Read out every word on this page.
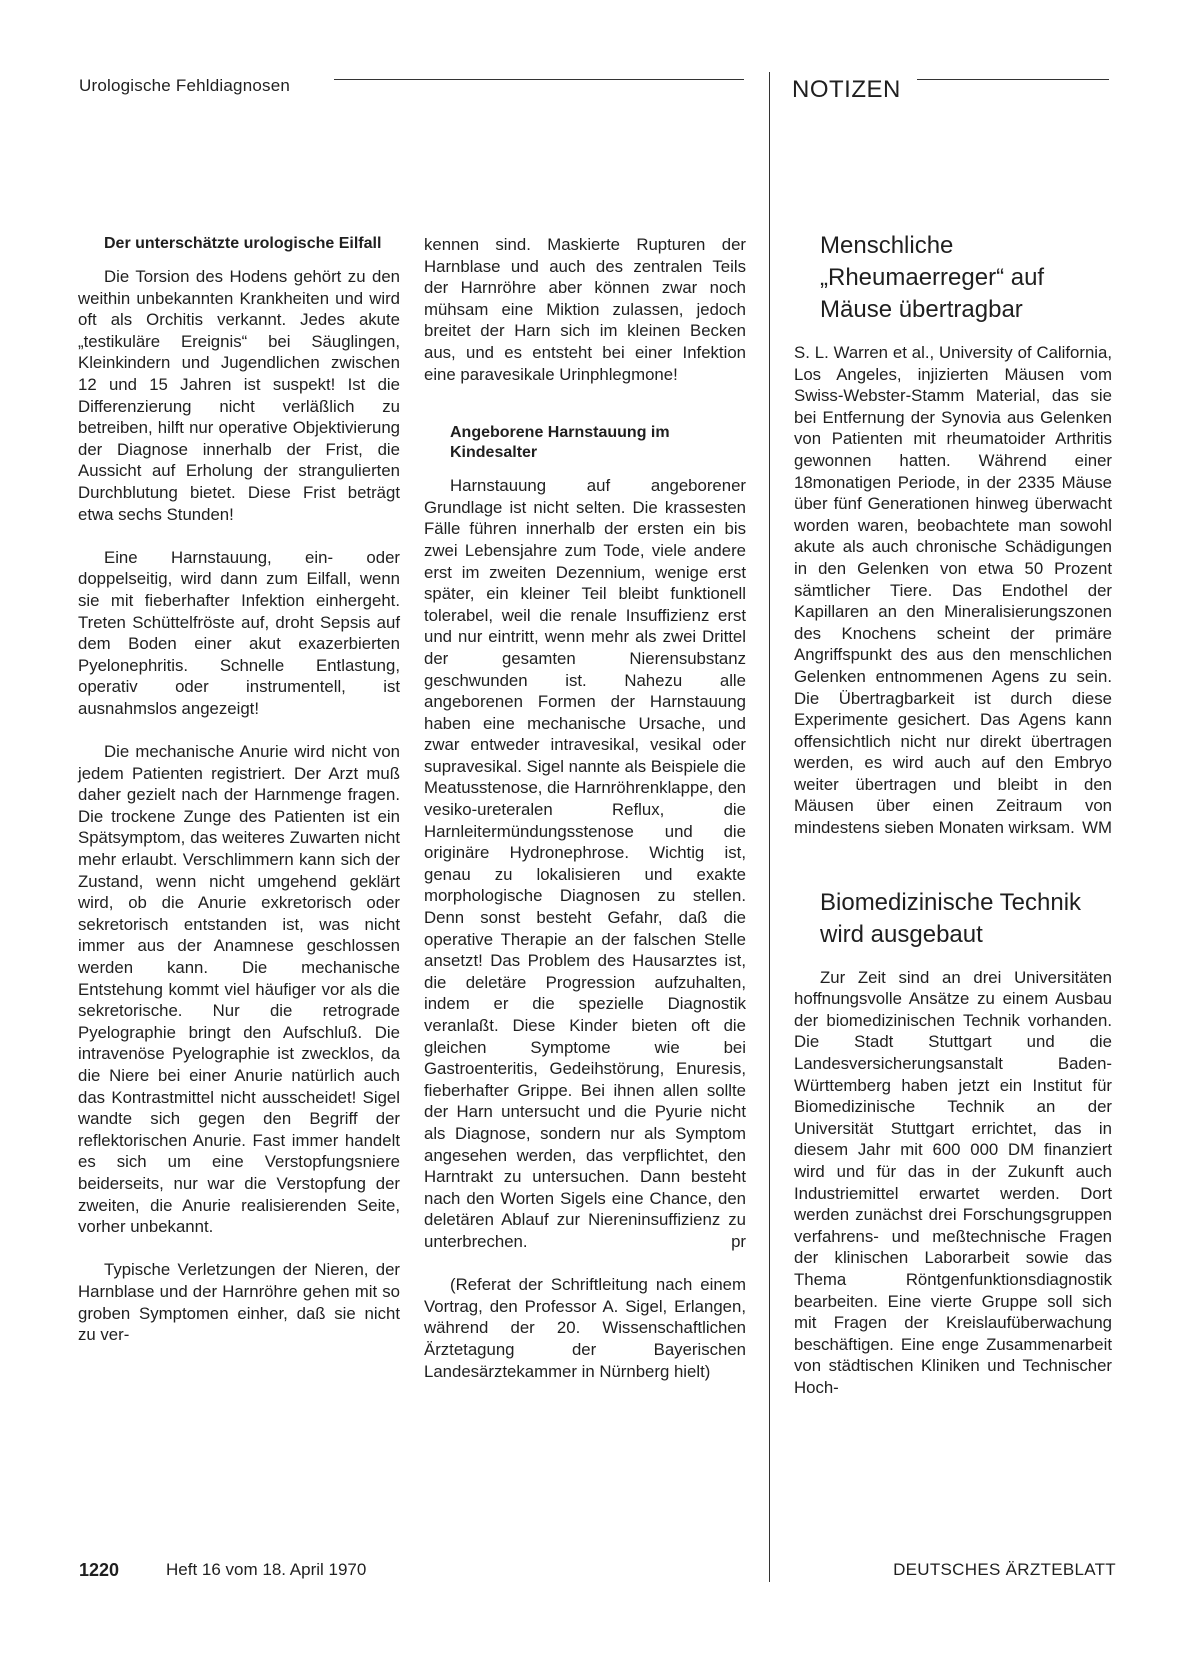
Urologische Fehldiagnosen	NOTIZEN
Der unterschätzte urologische Eilfall

Die Torsion des Hodens gehört zu den weithin unbekannten Krankheiten und wird oft als Orchitis verkannt. Jedes akute „testikuläre Ereignis“ bei Säuglingen, Kleinkindern und Jugendlichen zwischen 12 und 15 Jahren ist suspekt! Ist die Differenzierung nicht verläßlich zu betreiben, hilft nur operative Objektivierung der Diagnose innerhalb der Frist, die Aussicht auf Erholung der strangulierten Durchblutung bietet. Diese Frist beträgt etwa sechs Stunden!

Eine Harnstauung, ein- oder doppelseitig, wird dann zum Eilfall, wenn sie mit fieberhafter Infektion einhergeht. Treten Schüttelfröste auf, droht Sepsis auf dem Boden einer akut exazerbierten Pyelonephritis. Schnelle Entlastung, operativ oder instrumentell, ist ausnahmslos angezeigt!

Die mechanische Anurie wird nicht von jedem Patienten registriert. Der Arzt muß daher gezielt nach der Harnmenge fragen. Die trockene Zunge des Patienten ist ein Spätsymptom, das weiteres Zuwarten nicht mehr erlaubt. Verschlimmern kann sich der Zustand, wenn nicht umgehend geklärt wird, ob die Anurie exkretorisch oder sekretorisch entstanden ist, was nicht immer aus der Anamnese geschlossen werden kann. Die mechanische Entstehung kommt viel häufiger vor als die sekretorische. Nur die retrograde Pyelographie bringt den Aufschluß. Die intravenöse Pyelographie ist zwecklos, da die Niere bei einer Anurie natürlich auch das Kontrastmittel nicht ausscheidet! Sigel wandte sich gegen den Begriff der reflektorischen Anurie. Fast immer handelt es sich um eine Verstopfungsniere beiderseits, nur war die Verstopfung der zweiten, die Anurie realisierenden Seite, vorher unbekannt.

Typische Verletzungen der Nieren, der Harnblase und der Harnröhre gehen mit so groben Symptomen einher, daß sie nicht zu ver-

kennen sind. Maskierte Rupturen der Harnblase und auch des zentralen Teils der Harnröhre aber können zwar noch mühsam eine Miktion zulassen, jedoch breitet der Harn sich im kleinen Becken aus, und es entsteht bei einer Infektion eine paravesikale Urinphlegmone!

Angeborene Harnstauung im Kindesalter

Harnstauung auf angeborener Grundlage ist nicht selten. Die krassesten Fälle führen innerhalb der ersten ein bis zwei Lebensjahre zum Tode, viele andere erst im zweiten Dezennium, wenige erst später, ein kleiner Teil bleibt funktionell tolerabel, weil die renale Insuffizienz erst und nur eintritt, wenn mehr als zwei Drittel der gesamten Nierensubstanz geschwunden ist. Nahezu alle angeborenen Formen der Harnstauung haben eine mechanische Ursache, und zwar entweder intravesikal, vesikal oder supravesikal. Sigel nannte als Beispiele die Meatusstenose, die Harnröhrenklappe, den vesiko-ureteralen Reflux, die Harnleitermündungsstenose und die originäre Hydronephrose. Wichtig ist, genau zu lokalisieren und exakte morphologische Diagnosen zu stellen. Denn sonst besteht Gefahr, daß die operative Therapie an der falschen Stelle ansetzt! Das Problem des Hausarztes ist, die deletäre Progression aufzuhalten, indem er die spezielle Diagnostik veranlaßt. Diese Kinder bieten oft die gleichen Symptome wie bei Gastroenteritis, Gedeihstörung, Enuresis, fieberhafter Grippe. Bei ihnen allen sollte der Harn untersucht und die Pyurie nicht als Diagnose, sondern nur als Symptom angesehen werden, das verpflichtet, den Harntrakt zu untersuchen. Dann besteht nach den Worten Sigels eine Chance, den deletären Ablauf zur Niereninsuffizienz zu unterbrechen.	pr

(Referat der Schriftleitung nach einem Vortrag, den Professor A. Sigel, Erlangen, während der 20. Wissenschaftlichen Ärztetagung der Bayerischen Landesärztekammer in Nürnberg hielt)

Menschliche „Rheumaerreger“ auf Mäuse übertragbar

S. L. Warren et al., University of California, Los Angeles, injizierten Mäusen vom Swiss-Webster-Stamm Material, das sie bei Entfernung der Synovia aus Gelenken von Patienten mit rheumatoider Arthritis gewonnen hatten. Während einer 18monatigen Periode, in der 2335 Mäuse über fünf Generationen hinweg überwacht worden waren, beobachtete man sowohl akute als auch chronische Schädigungen in den Gelenken von etwa 50 Prozent sämtlicher Tiere. Das Endothel der Kapillaren an den Mineralisierungszonen des Knochens scheint der primäre Angriffspunkt des aus den menschlichen Gelenken entnommenen Agens zu sein. Die Übertragbarkeit ist durch diese Experimente gesichert. Das Agens kann offensichtlich nicht nur direkt übertragen werden, es wird auch auf den Embryo weiter übertragen und bleibt in den Mäusen über einen Zeitraum von mindestens sieben Monaten wirksam. WM

Biomedizinische Technik wird ausgebaut

Zur Zeit sind an drei Universitäten hoffnungsvolle Ansätze zu einem Ausbau der biomedizinischen Technik vorhanden. Die Stadt Stuttgart und die Landesversicherungsanstalt Baden-Württemberg haben jetzt ein Institut für Biomedizinische Technik an der Universität Stuttgart errichtet, das in diesem Jahr mit 600 000 DM finanziert wird und für das in der Zukunft auch Industriemittel erwartet werden. Dort werden zunächst drei Forschungsgruppen verfahrens- und meßtechnische Fragen der klinischen Laborarbeit sowie das Thema Röntgenfunktionsdiagnostik bearbeiten. Eine vierte Gruppe soll sich mit Fragen der Kreislaufüberwachung beschäftigen. Eine enge Zusammenarbeit von städtischen Kliniken und Technischer Hoch-

1220	Heft 16 vom 18. April 1970	DEUTSCHES ÄRZTEBLATT
